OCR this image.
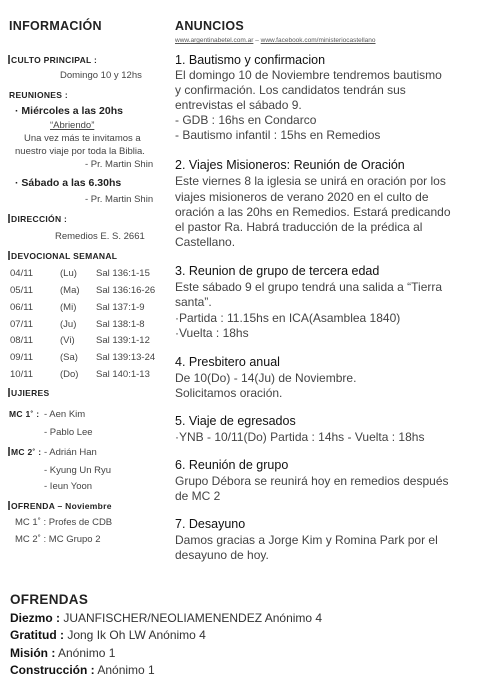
INFORMACIÓN
CULTO PRINCIPAL :
Domingo 10 y 12hs
REUNIONES :
· Miércoles a las 20hs
“Abriendo”
Una vez más te invitamos a
nuestro viaje por toda la Biblia.
- Pr. Martin Shin
· Sábado a las 6.30hs
- Pr. Martin Shin
DIRECCIÓN :
Remedios E. S. 2661
DEVOCIONAL SEMANAL
04/11	(Lu) Sal 136:1-15
05/11	(Ma) Sal 136:16-26
06/11	(Mi) Sal 137:1-9
07/11	(Ju) Sal 138:1-8
08/11	(Vi) Sal 139:1-12
09/11	(Sa) Sal 139:13-24
10/11	(Do) Sal 140:1-13
UJIERES
MC 1˚ : - Aen Kim
- Pablo Lee
MC 2˚ : - Adrián Han
- Kyung Un Ryu
- Ieun Yoon
OFRENDA – Noviembre
MC 1˚ : Profes de CDB
MC 2˚ : MC Grupo 2
ANUNCIOS
www.argentinabetel.com.ar – www.facebook.com/ministeriocastellano
1. Bautismo y confirmacion
El domingo 10 de Noviembre tendremos bautismo
y confirmación. Los candidatos tendrán sus
entrevistas el sábado 9.
- GDB : 16hs en Condarco
- Bautismo infantil : 15hs en Remedios
2. Viajes Misioneros: Reunión de Oración
Este viernes 8 la iglesia se unirá en oración por los
viajes misioneros de verano 2020 en el culto de
oración a las 20hs en Remedios. Estará predicando
el pastor Ra. Habrá traducción de la prédica al
Castellano.
3. Reunion de grupo de tercera edad
Este sábado 9 el grupo tendrá una salida a “Tierra
santa”.
·Partida : 11.15hs en ICA(Asamblea 1840)
·Vuelta : 18hs
4. Presbitero anual
De 10(Do) - 14(Ju) de Noviembre.
Solicitamos oración.
5. Viaje de egresados
·YNB - 10/11(Do) Partida : 14hs - Vuelta : 18hs
6. Reunión de grupo
Grupo Débora se reunirá hoy en remedios después
de MC 2
7. Desayuno
Damos gracias a Jorge Kim y Romina Park por el
desayuno de hoy.
OFRENDAS
Diezmo : JUANFISCHER/NEOLIAMENENDEZ Anónimo 4
Gratitud : Jong Ik Oh LW Anónimo 4
Misión : Anónimo 1
Construcción : Anónimo 1
